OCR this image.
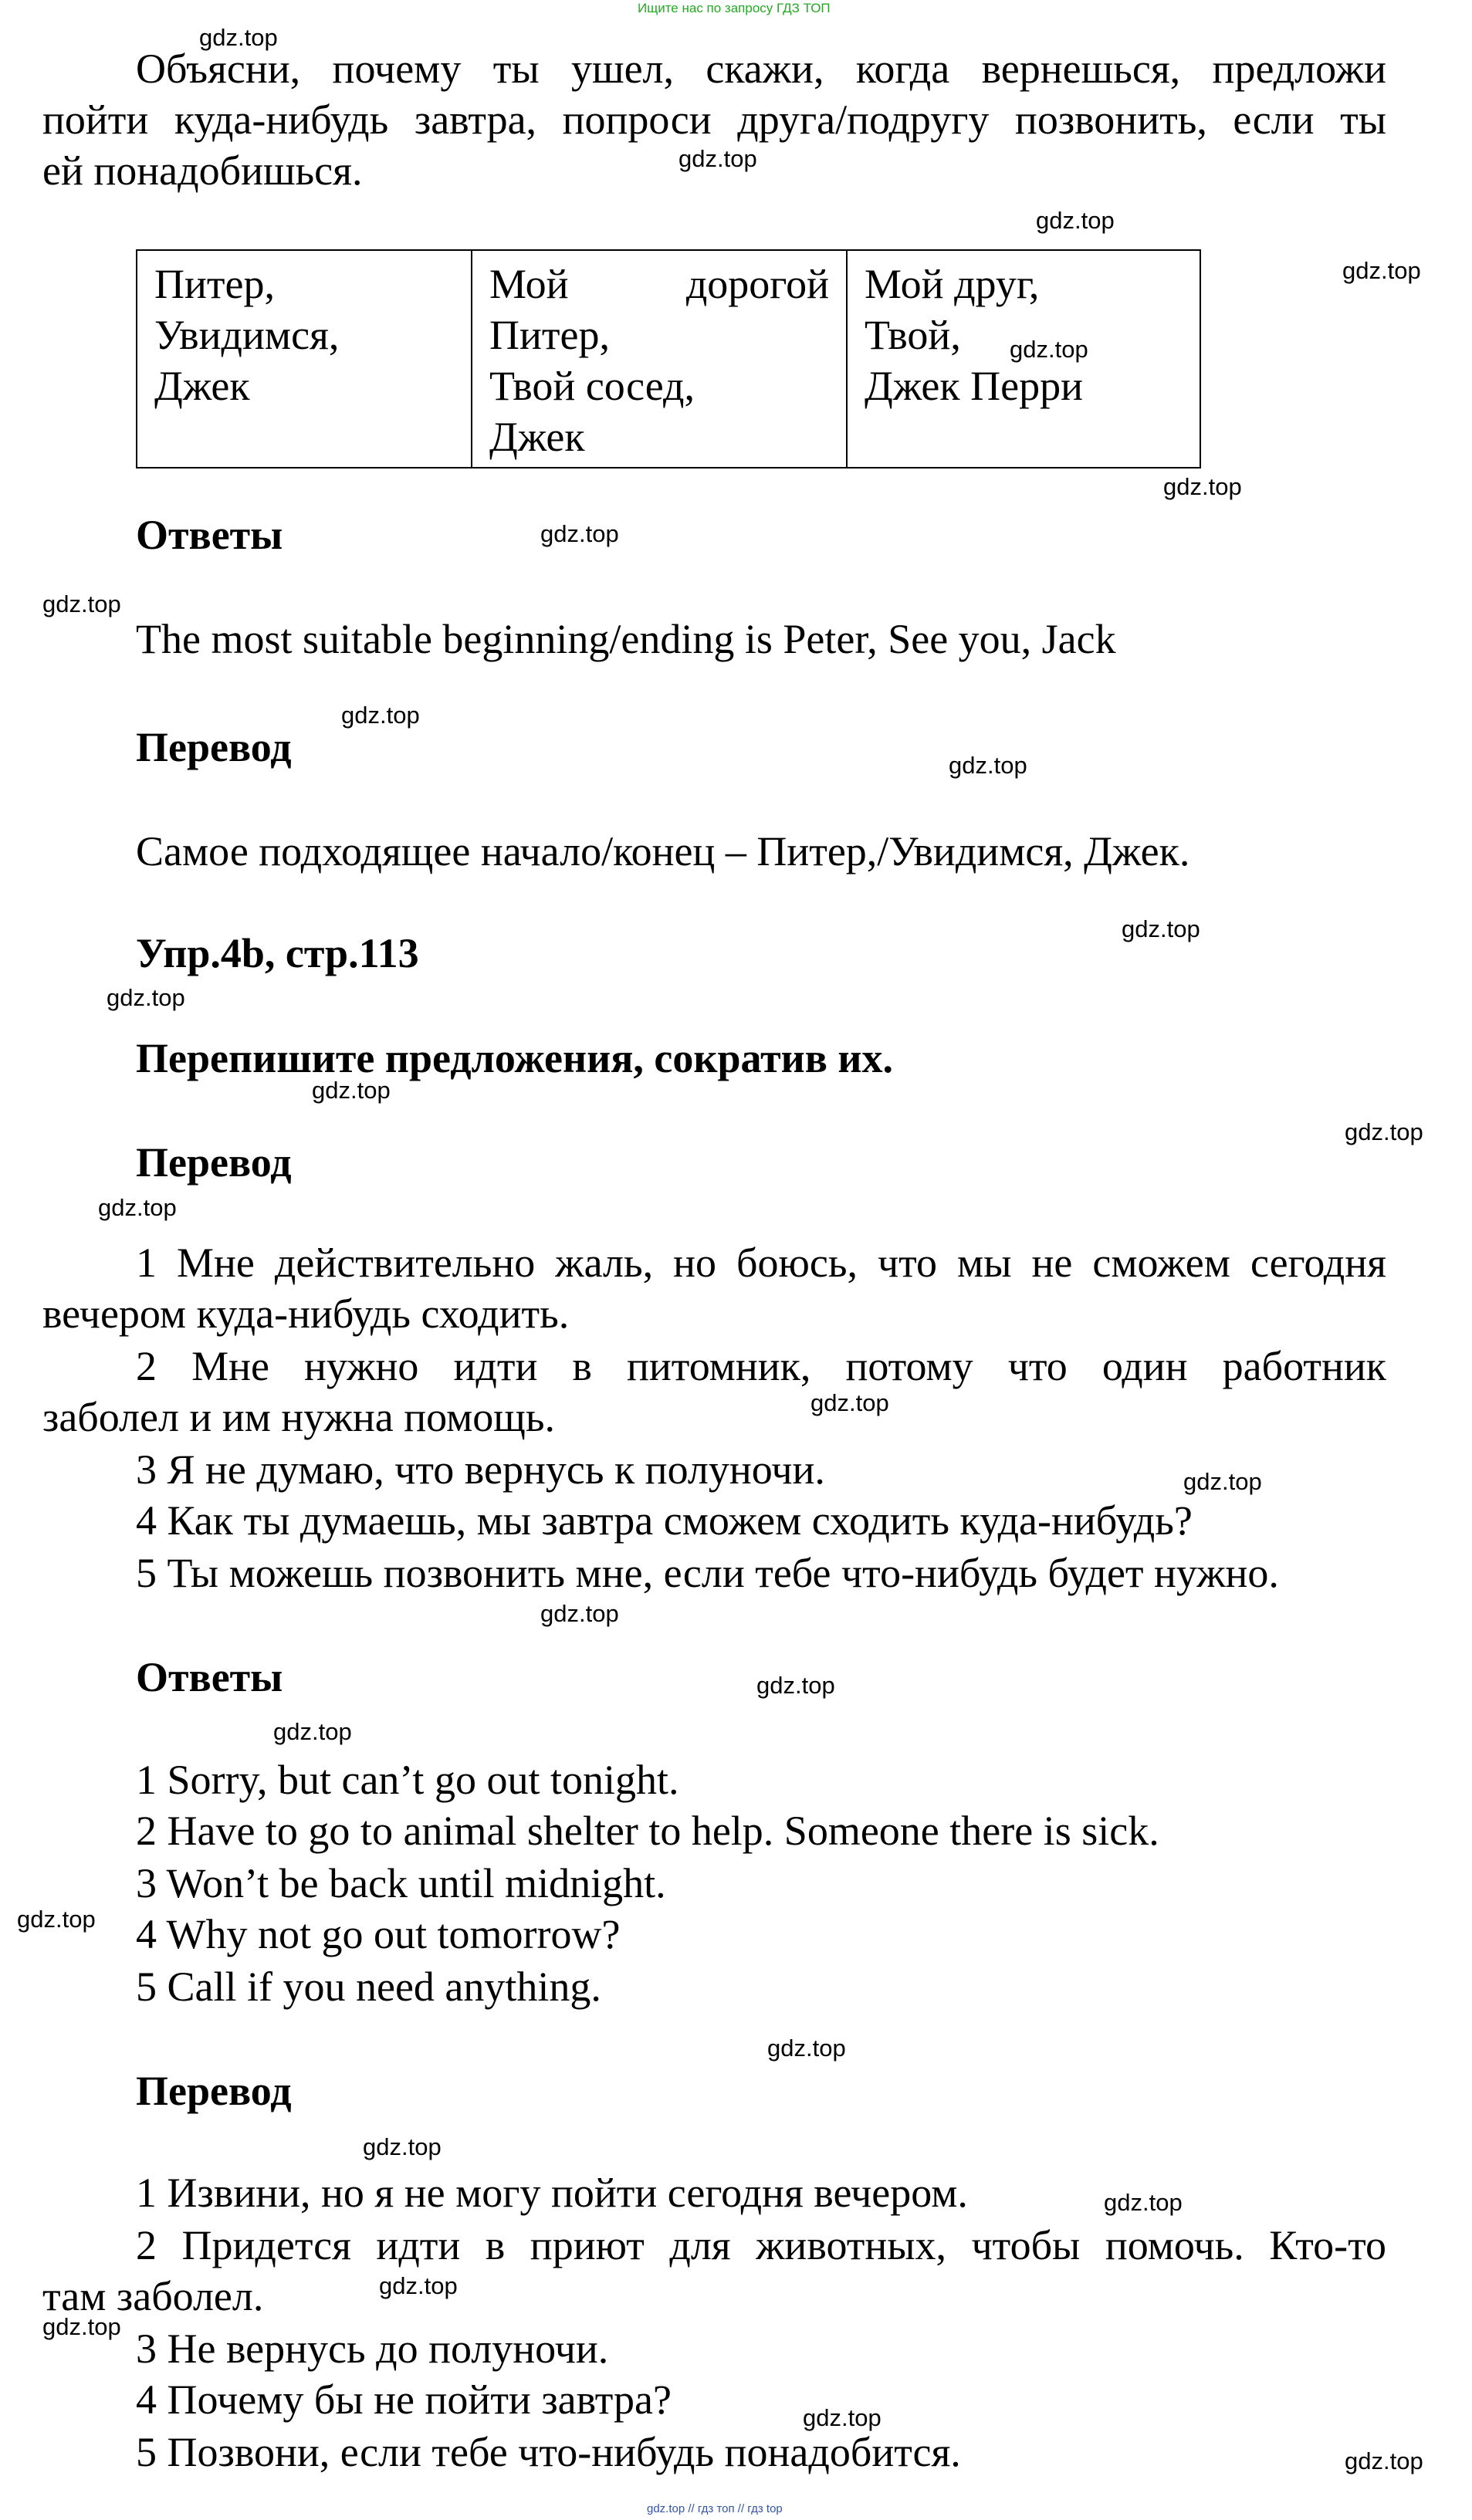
Ищите нас по запросу ГДЗ ТОП
Объясни, почему ты ушел, скажи, когда вернешься, предложи
пойти куда-нибудь завтра, попроси друга/подругу позвонить, если ты
ей понадобишься.
Питер,
Увидимся,
Джек

Мой	дорогой
Питер,
Твой сосед,
Джек

Мой друг,
Твой,
Джек Перри
Ответы
The most suitable beginning/ending is Peter, See you, Jack
Перевод
Самое подходящее начало/конец – Питер,/Увидимся, Джек.
Упр.4b, стр.113
Перепишите предложения, сократив их.
Перевод
1 Мне действительно жаль, но боюсь, что мы не сможем сегодня
вечером куда-нибудь сходить.
2 Мне нужно идти в питомник, потому что один работник
заболел и им нужна помощь.
3 Я не думаю, что вернусь к полуночи.
4 Как ты думаешь, мы завтра сможем сходить куда-нибудь?
5 Ты можешь позвонить мне, если тебе что-нибудь будет нужно.
Ответы
1 Sorry, but can’t go out tonight.
2 Have to go to animal shelter to help. Someone there is sick.
3 Won’t be back until midnight.
4 Why not go out tomorrow?
5 Call if you need anything.
Перевод
1 Извини, но я не могу пойти сегодня вечером.
2 Придется идти в приют для животных, чтобы помочь. Кто-то
там заболел.
3 Не вернусь до полуночи.
4 Почему бы не пойти завтра?
5 Позвони, если тебе что-нибудь понадобится.
gdz.top
gdz.top
gdz.top
gdz.top
gdz.top
gdz.top
gdz.top
gdz.top
gdz.top
gdz.top
gdz.top
gdz.top
gdz.top
gdz.top
gdz.top
gdz.top
gdz.top
gdz.top
gdz.top
gdz.top
gdz.top
gdz.top
gdz.top
gdz.top
gdz.top
gdz.top
gdz.top
gdz.top
gdz.top // гдз топ // гдз top
